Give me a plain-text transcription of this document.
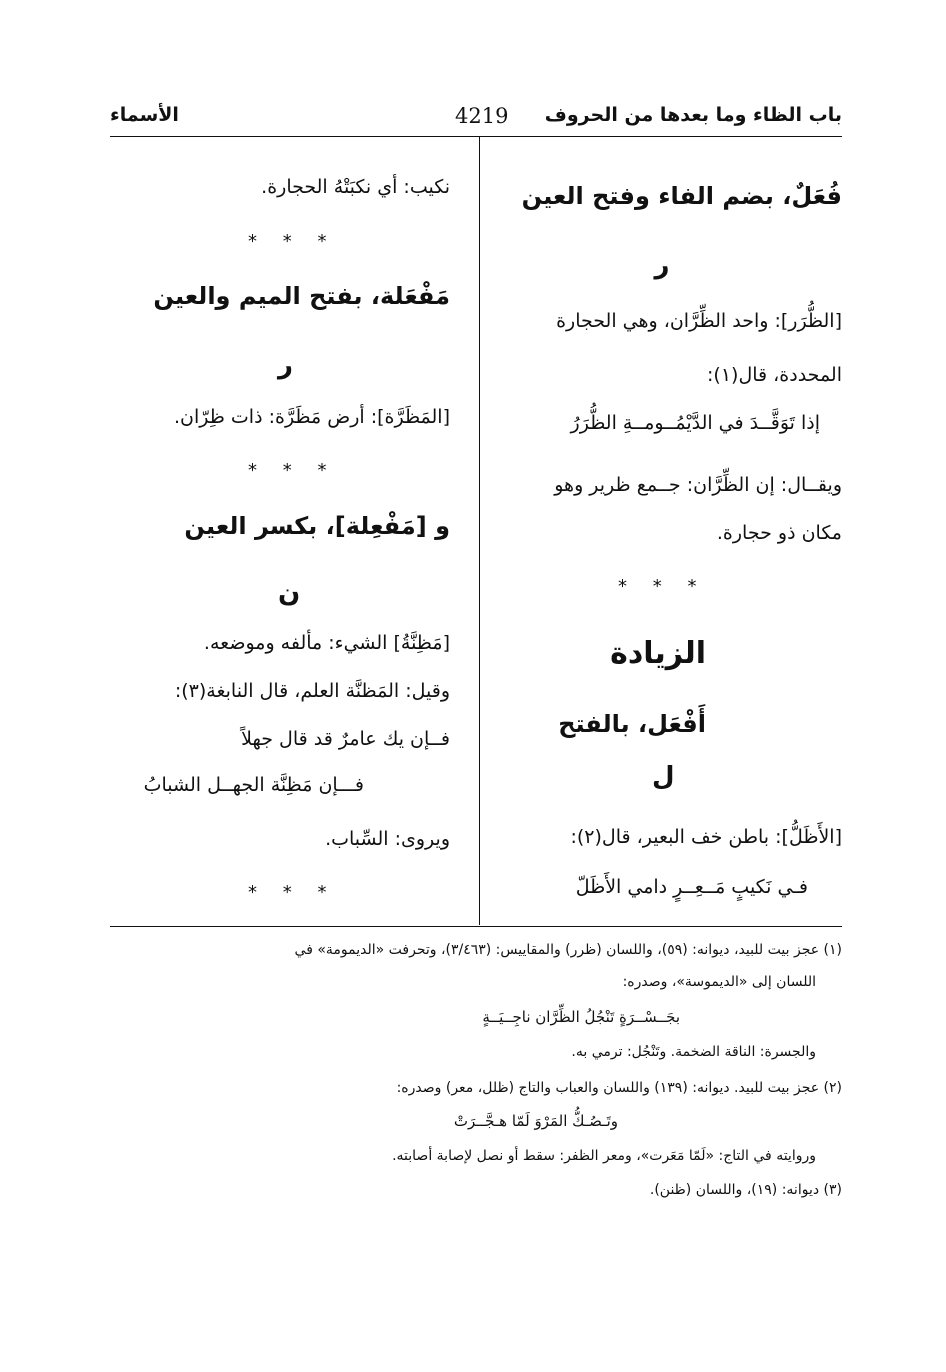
باب الظاء وما بعدها من الحروف
4219
الأسماء
فُعَلٌ، بضم الفاء وفتح العين
ر
[الظُّرَر]: واحد الظِّرَّان، وهي الحجارة
المحددة، قال(١):
إذا تَوَقَّــدَ في الدَّيْمُــومــةِ الظُّرَرُ
ويقــال: إن الظِّرَّان: جــمع ظرير وهو
مكان ذو حجارة.
* * *
الزيادة
أَفْعَل، بالفتح
ل
[الأَظَلُّ]: باطن خف البعير، قال(٢):
فـي نَكيبٍ مَــعِــرٍ دامي الأَظَلّ
نكيب: أي نكبَتْهُ الحجارة.
* * *
مَفْعَلة، بفتح الميم والعين
ر
[المَظَرَّة]: أرض مَظَرَّة: ذات ظِرّان.
* * *
و [مَفْعِلة]، بكسر العين
ن
[مَظِنَّةُ] الشيء: مألفه وموضعه.
وقيل: المَظنَّة العلم، قال النابغة(٣):
فــإن يك عامرٌ قد قال جهلاً
فـــإن مَظِنَّة الجهــل الشبابُ
ويروى: السِّباب.
* * *
(١) عجز بيت للبيد، ديوانه: (٥٩)، واللسان (ظرر) والمقاييس: (٣/٤٦٣)، وتحرفت «الديمومة» في
اللسان إلى «الديموسة»، وصدره:
بجَــسْــرَةٍ تَنْجُلُ الظِّرَّان ناجِــيَــةٍ
والجسرة: الناقة الضخمة. وتَنْجُل: ترمي به.
(٢) عجز بيت للبيد. ديوانه: (١٣٩) واللسان والعباب والتاج (ظلل، معر) وصدره:
وتَـصُـكُّ المَرْوَ لَمّا هـجَّــرَتْ
وروايته في التاج: «لَمّا مَعَرت»، ومعر الظفر: سقط أو نصل لإصابة أصابته.
(٣) ديوانه: (١٩)، واللسان (ظنن).
